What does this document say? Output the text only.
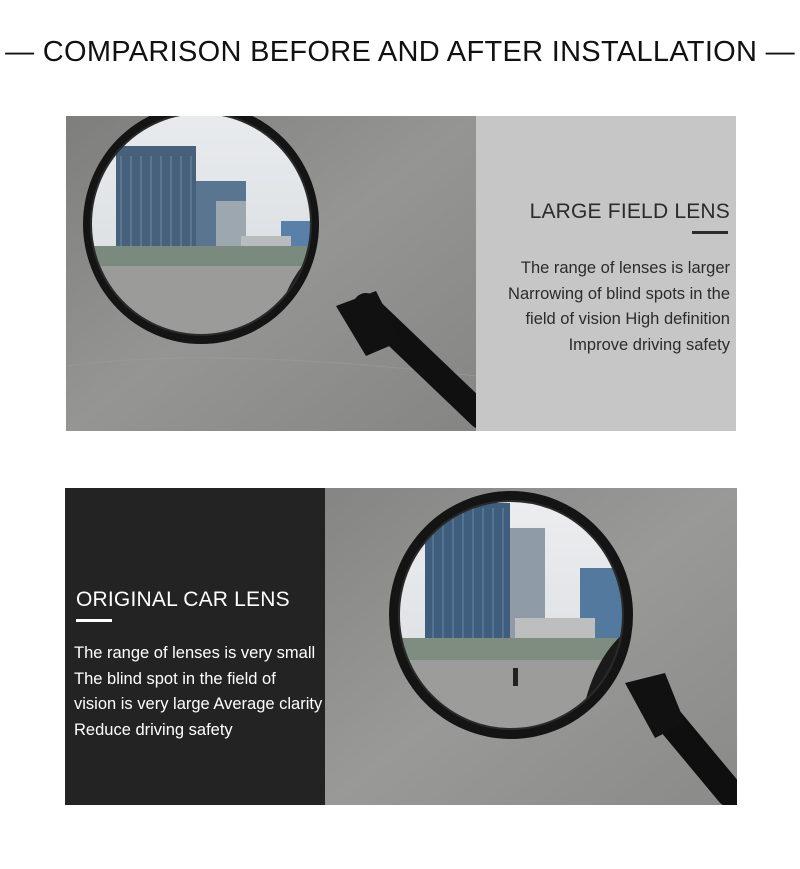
— COMPARISON BEFORE AND AFTER INSTALLATION —
LARGE FIELD LENS
The range of lenses is larger
Narrowing of blind spots in the
field of vision High definition
Improve driving safety
ORIGINAL CAR LENS
The range of lenses is very small
The blind spot in the field of
vision is very large Average clarity
Reduce driving safety
